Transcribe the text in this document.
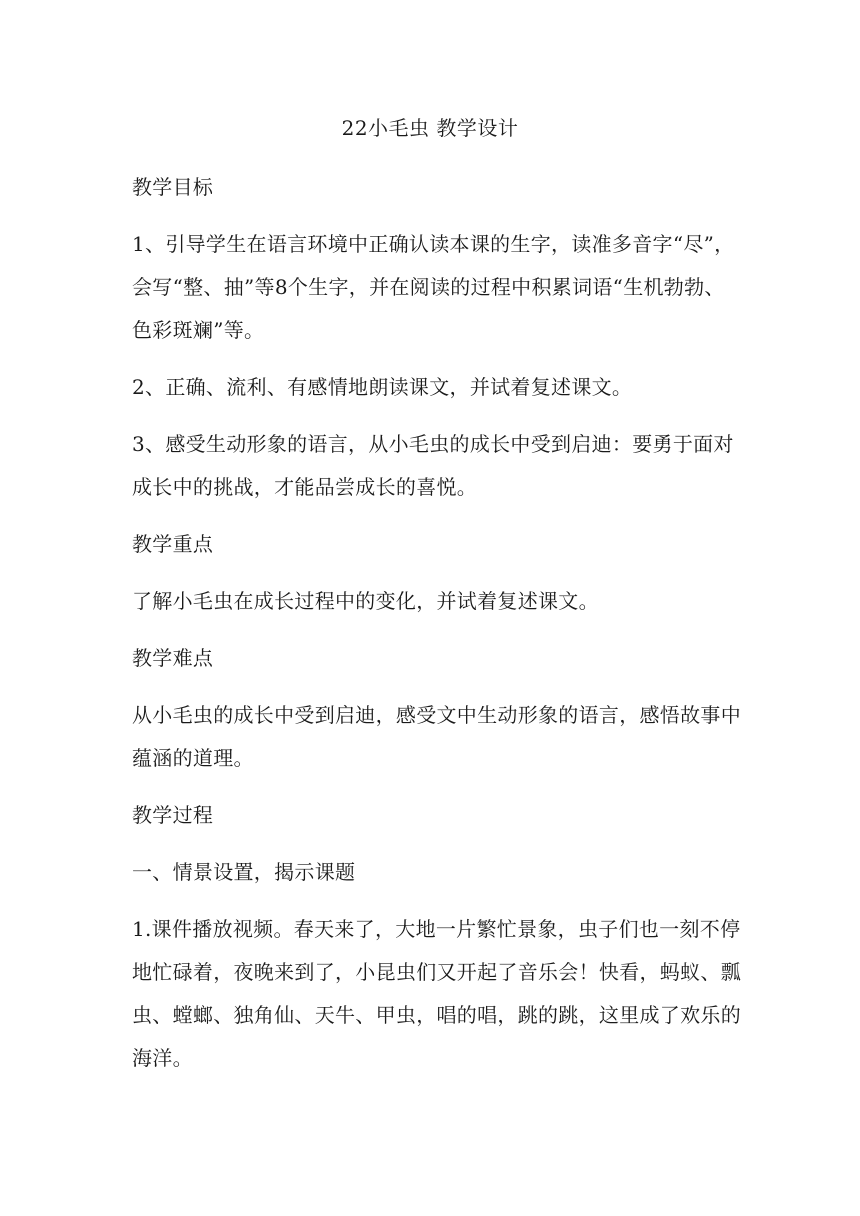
22小毛虫 教学设计
教学目标
1、引导学生在语言环境中正确认读本课的生字，读准多音字“尽”，
会写“整、抽”等8个生字，并在阅读的过程中积累词语“生机勃勃、
色彩斑斓”等。
2、正确、流利、有感情地朗读课文，并试着复述课文。
3、感受生动形象的语言，从小毛虫的成长中受到启迪：要勇于面对
成长中的挑战，才能品尝成长的喜悦。
教学重点
了解小毛虫在成长过程中的变化，并试着复述课文。
教学难点
从小毛虫的成长中受到启迪，感受文中生动形象的语言，感悟故事中
蕴涵的道理。
教学过程
一、情景设置，揭示课题
1.课件播放视频。春天来了，大地一片繁忙景象，虫子们也一刻不停
地忙碌着，夜晚来到了，小昆虫们又开起了音乐会！快看，蚂蚁、瓢
虫、螳螂、独角仙、天牛、甲虫，唱的唱，跳的跳，这里成了欢乐的
海洋。
